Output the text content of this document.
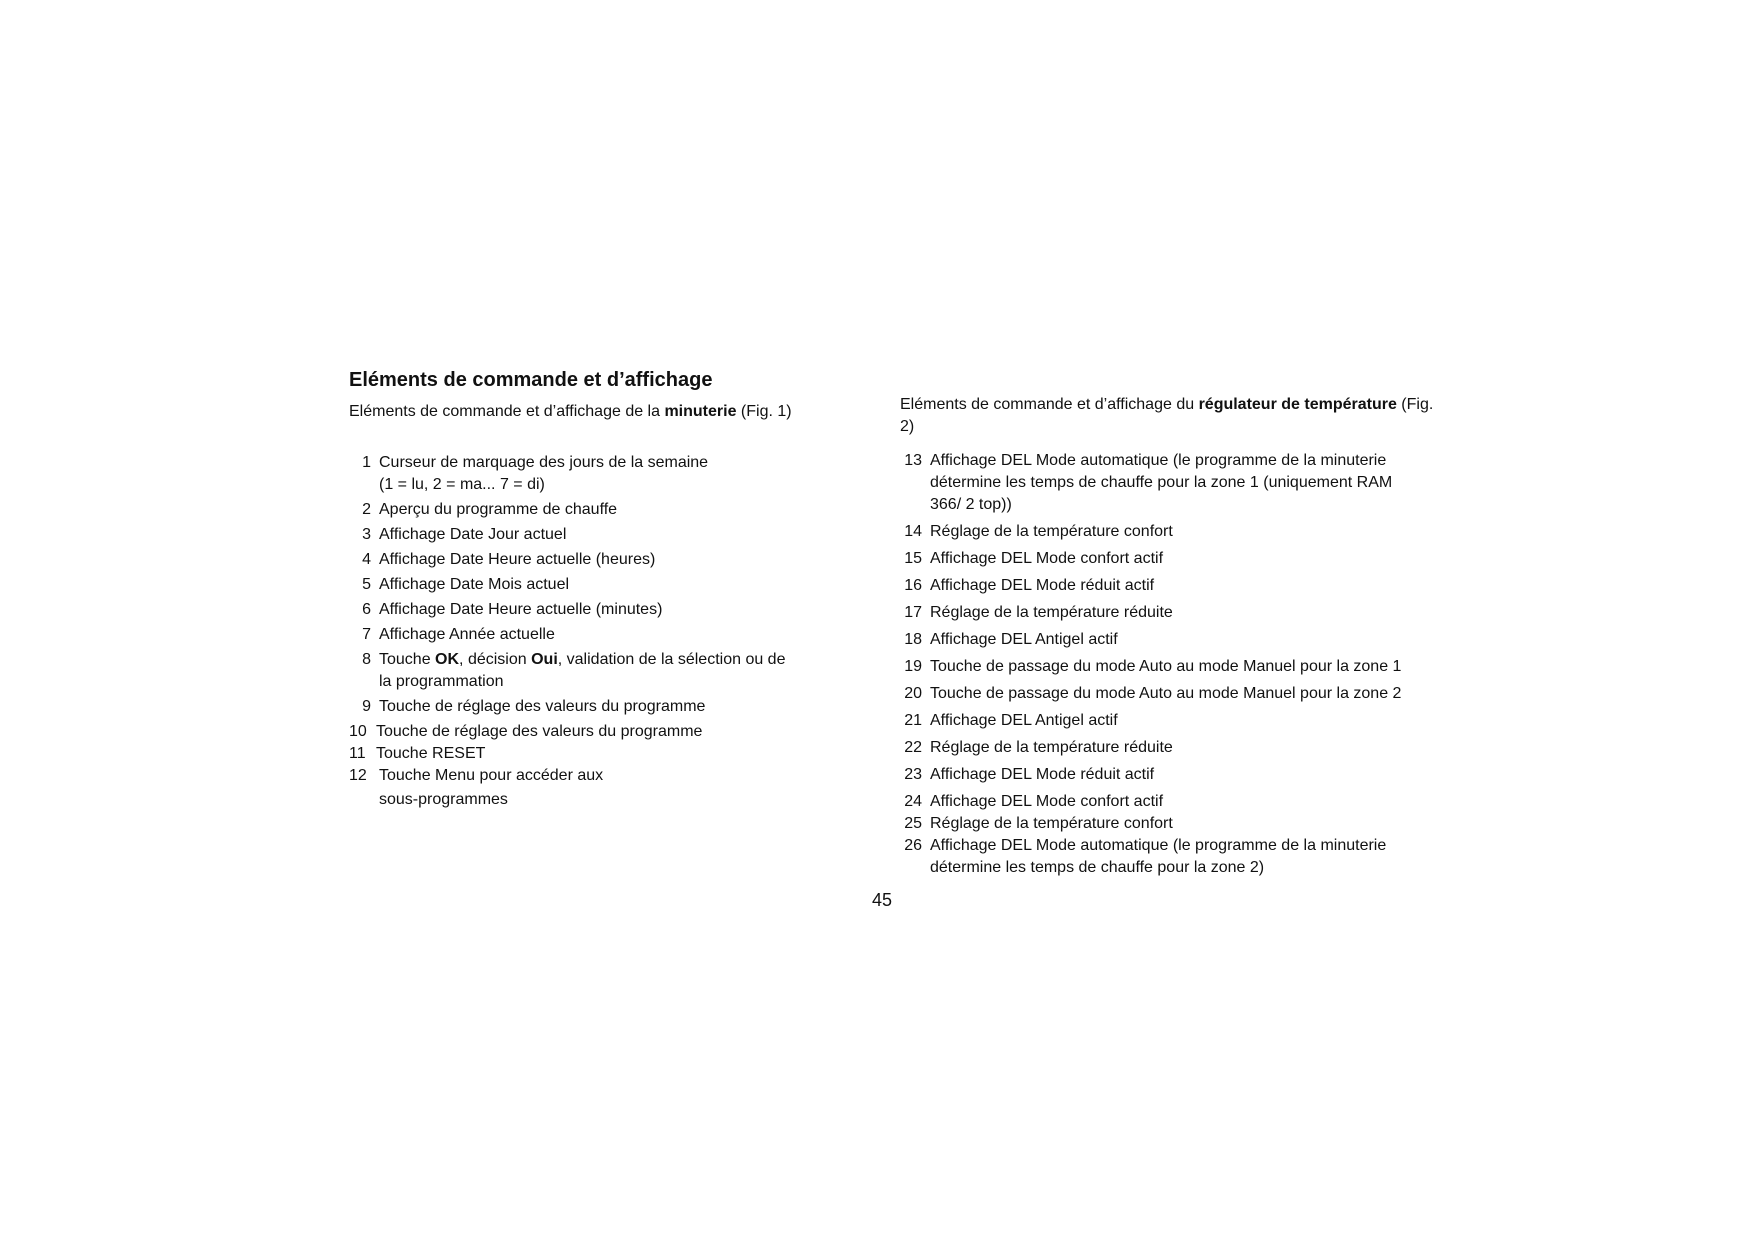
Eléments de commande et d’affichage

Eléments de commande et d’affichage de la minuterie (Fig. 1)	Eléments de commande et d’affichage du régulateur de température (Fig. 2)

1 Curseur de marquage des jours de la semaine
(1 = lu, 2 = ma... 7 = di)
2 Aperçu du programme de chauffe
3 Affichage Date Jour actuel
4 Affichage Date Heure actuelle (heures)
5 Affichage Date Mois actuel
6 Affichage Date Heure actuelle (minutes)
7 Affichage Année actuelle
8 Touche OK, décision Oui, validation de la sélection ou de
la programmation
9 Touche de réglage des valeurs du programme
10 Touche de réglage des valeurs du programme
11 Touche RESET
12 Touche Menu pour accéder aux
sous-programmes
13 Affichage DEL Mode automatique (le programme de la minuterie détermine les temps de chauffe pour la zone 1 (uniquement RAM 366/ 2 top))
14 Réglage de la température confort
15 Affichage DEL Mode confort actif
16 Affichage DEL Mode réduit actif
17 Réglage de la température réduite
18 Affichage DEL Antigel actif
19 Touche de passage du mode Auto au mode Manuel pour la zone 1
20 Touche de passage du mode Auto au mode Manuel pour la zone 2
21 Affichage DEL Antigel actif
22 Réglage de la température réduite
23 Affichage DEL Mode réduit actif
24 Affichage DEL Mode confort actif
25 Réglage de la température confort
26 Affichage DEL Mode automatique (le programme de la minuterie détermine les temps de chauffe pour la zone 2)

45
